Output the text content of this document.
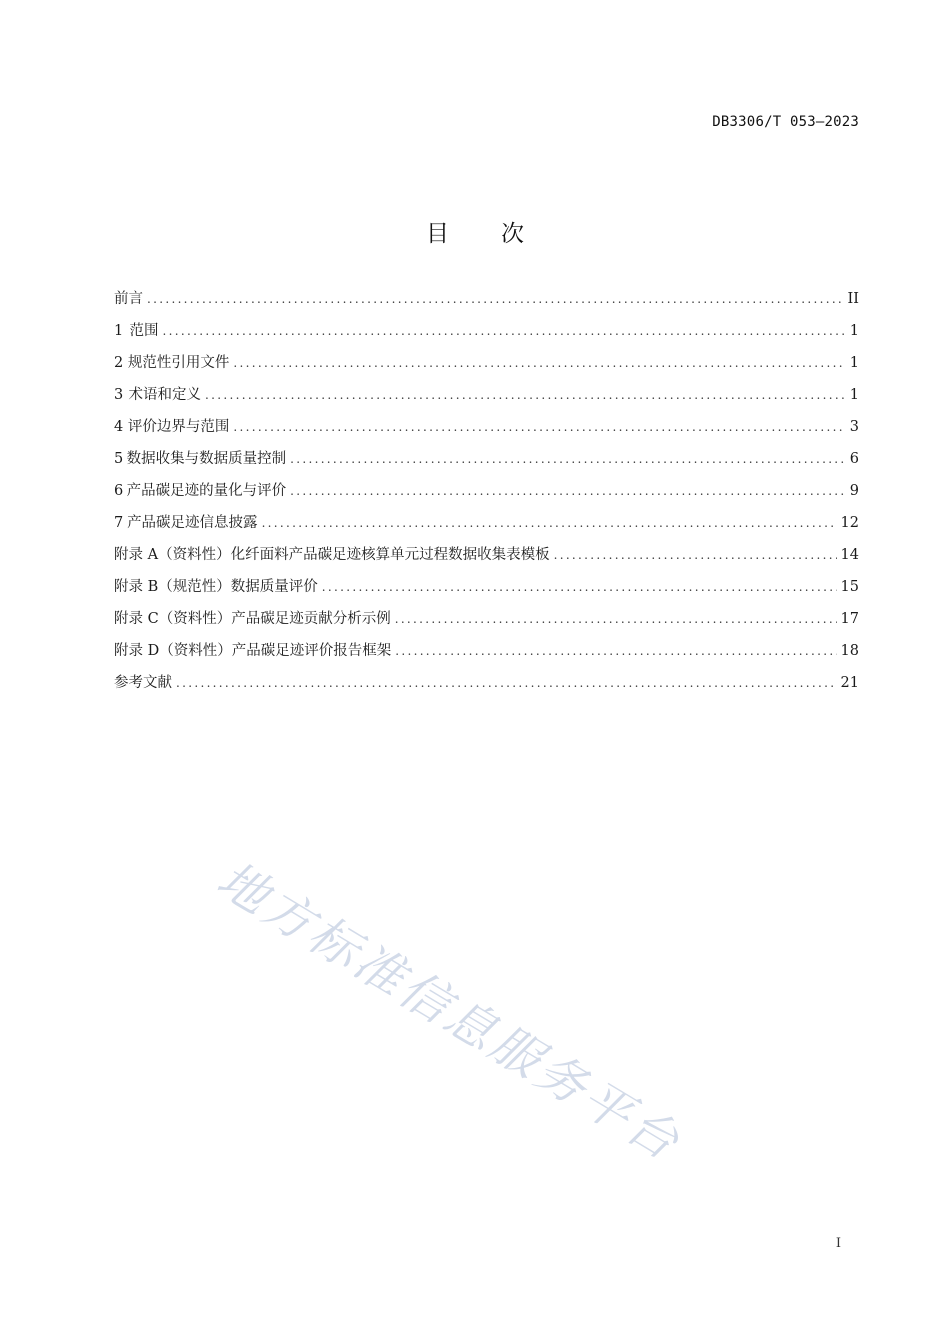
DB3306/T 053—2023
目 次
前言 .....	II
1 范围 .....	1
2 规范性引用文件 .....	1
3 术语和定义 .....	1
4 评价边界与范围 .....	3
5 数据收集与数据质量控制 .....	6
6 产品碳足迹的量化与评价 .....	9
7 产品碳足迹信息披露 .....	12
附录 A（资料性） 化纤面料产品碳足迹核算单元过程数据收集表模板 .....	14
附录 B（规范性） 数据质量评价 .....	15
附录 C（资料性） 产品碳足迹贡献分析示例 .....	17
附录 D（资料性） 产品碳足迹评价报告框架 .....	18
参考文献 .....	21
地方标准信息服务平台
I
